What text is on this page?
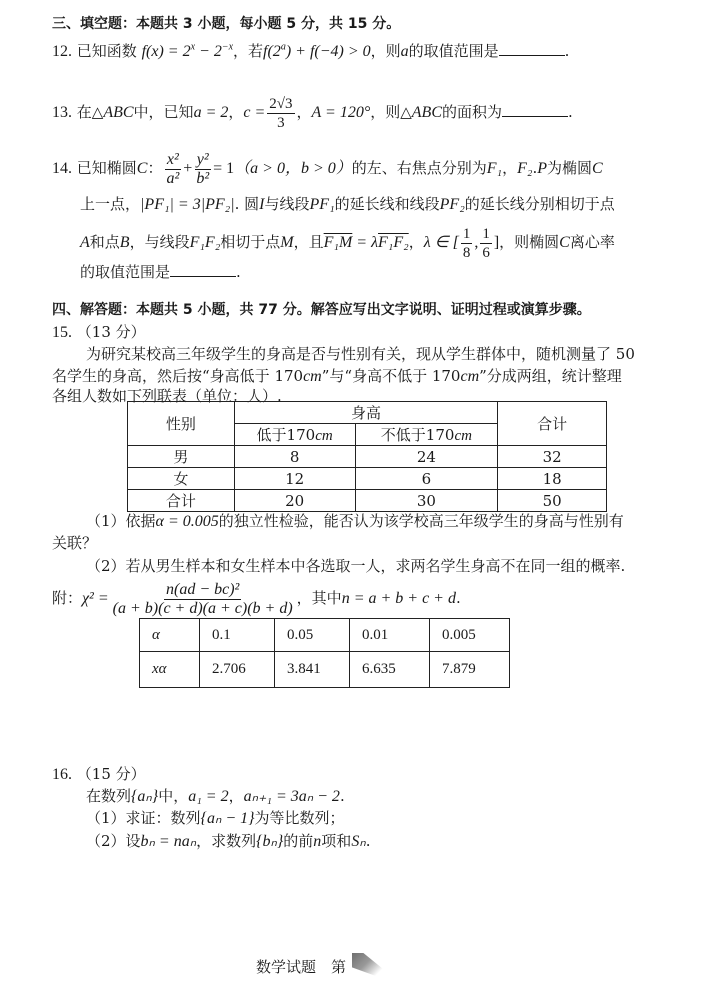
三、填空题：本题共 3 小题，每小题 5 分，共 15 分。
12. 已知函数 $f(x) = 2^x - 2^{-x}$，若$f(2^a) + f(-4) > 0$，则a的取值范围是	.
13. 在△ABC中，已知a = 2，$c = \frac{2√3}{3}$ ，A = 120°，则△ABC的面积为	.
14. 已知椭圆C： $\frac{\text{x²}}{\text{a²}} + \frac{\text{y²}}{\text{b²}} = 1(a > 0$，b > 0）的左、右焦点分别为F₁，F₂.P为椭圆C
上一点，|PF₁| = 3|PF₂|. 圆I与线段PF₁的延长线和线段PF₂的延长线分别相切于点
A和点B，与线段F₁F₂相切于点M，且F₁M = λF₁F₂，λ ∈ [ $\frac{1}{8}$ , $\frac{1}{6}$ ]，则椭圆C离心率
的取值范围是	.
四、解答题：本题共 5 小题，共 77 分。解答应写出文字说明、证明过程或演算步骤。
15. （13 分）
为研究某校高三年级学生的身高是否与性别有关，现从学生群体中，随机测量了 50
名学生的身高，然后按“身高低于 170cm”与“身高不低于 170cm”分成两组，统计整理
各组人数如下列联表（单位：人）.
性别	身高		合计
	低于170cm	不低于170cm	
男	8	24	32
女	12	6	18
合计	20	30	50
（1）依据α = 0.005的独立性检验，能否认为该学校高三年级学生的身高与性别有
关联？
（2）若从男生样本和女生样本中各选取一人，求两名学生身高不在同一组的概率.
附：$\chi^2 = \frac{\text{n(ad − bc)²}}{(a + b)(c + d)(a + c)(b + d)}$ ，其中n = a + b + c + d.
α	0.1	0.05	0.01	0.005
xα	2.706	3.841	6.635	7.879
16. （15 分）
在数列{aₙ}中，a₁ = 2，aₙ₊₁ = 3aₙ − 2.
（1）求证：数列{aₙ − 1}为等比数列；
（2）设bₙ = naₙ，求数列{bₙ}的前n项和Sₙ.
数学试题　第
